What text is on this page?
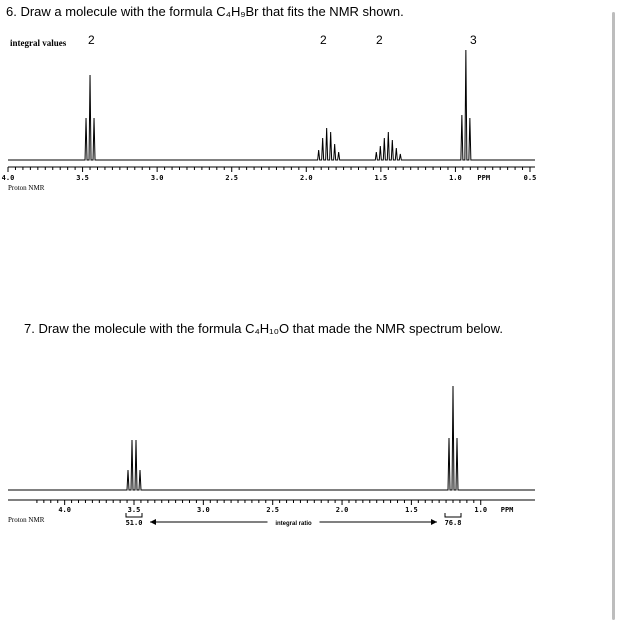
6. Draw a molecule with the formula C₄H₉Br that fits the NMR shown.
integral values 2	2	2	3
Proton NMR
7. Draw the molecule with the formula C₄H₁₀O that made the NMR spectrum below.
Proton NMR
4.0	3.5	3.0	2.5	2.0	1.5	1.0	0.5
PPM
4.0	3.5	3.0	2.5	2.0	1.5	1.0 PPM
51.0	76.8
integral ratio
